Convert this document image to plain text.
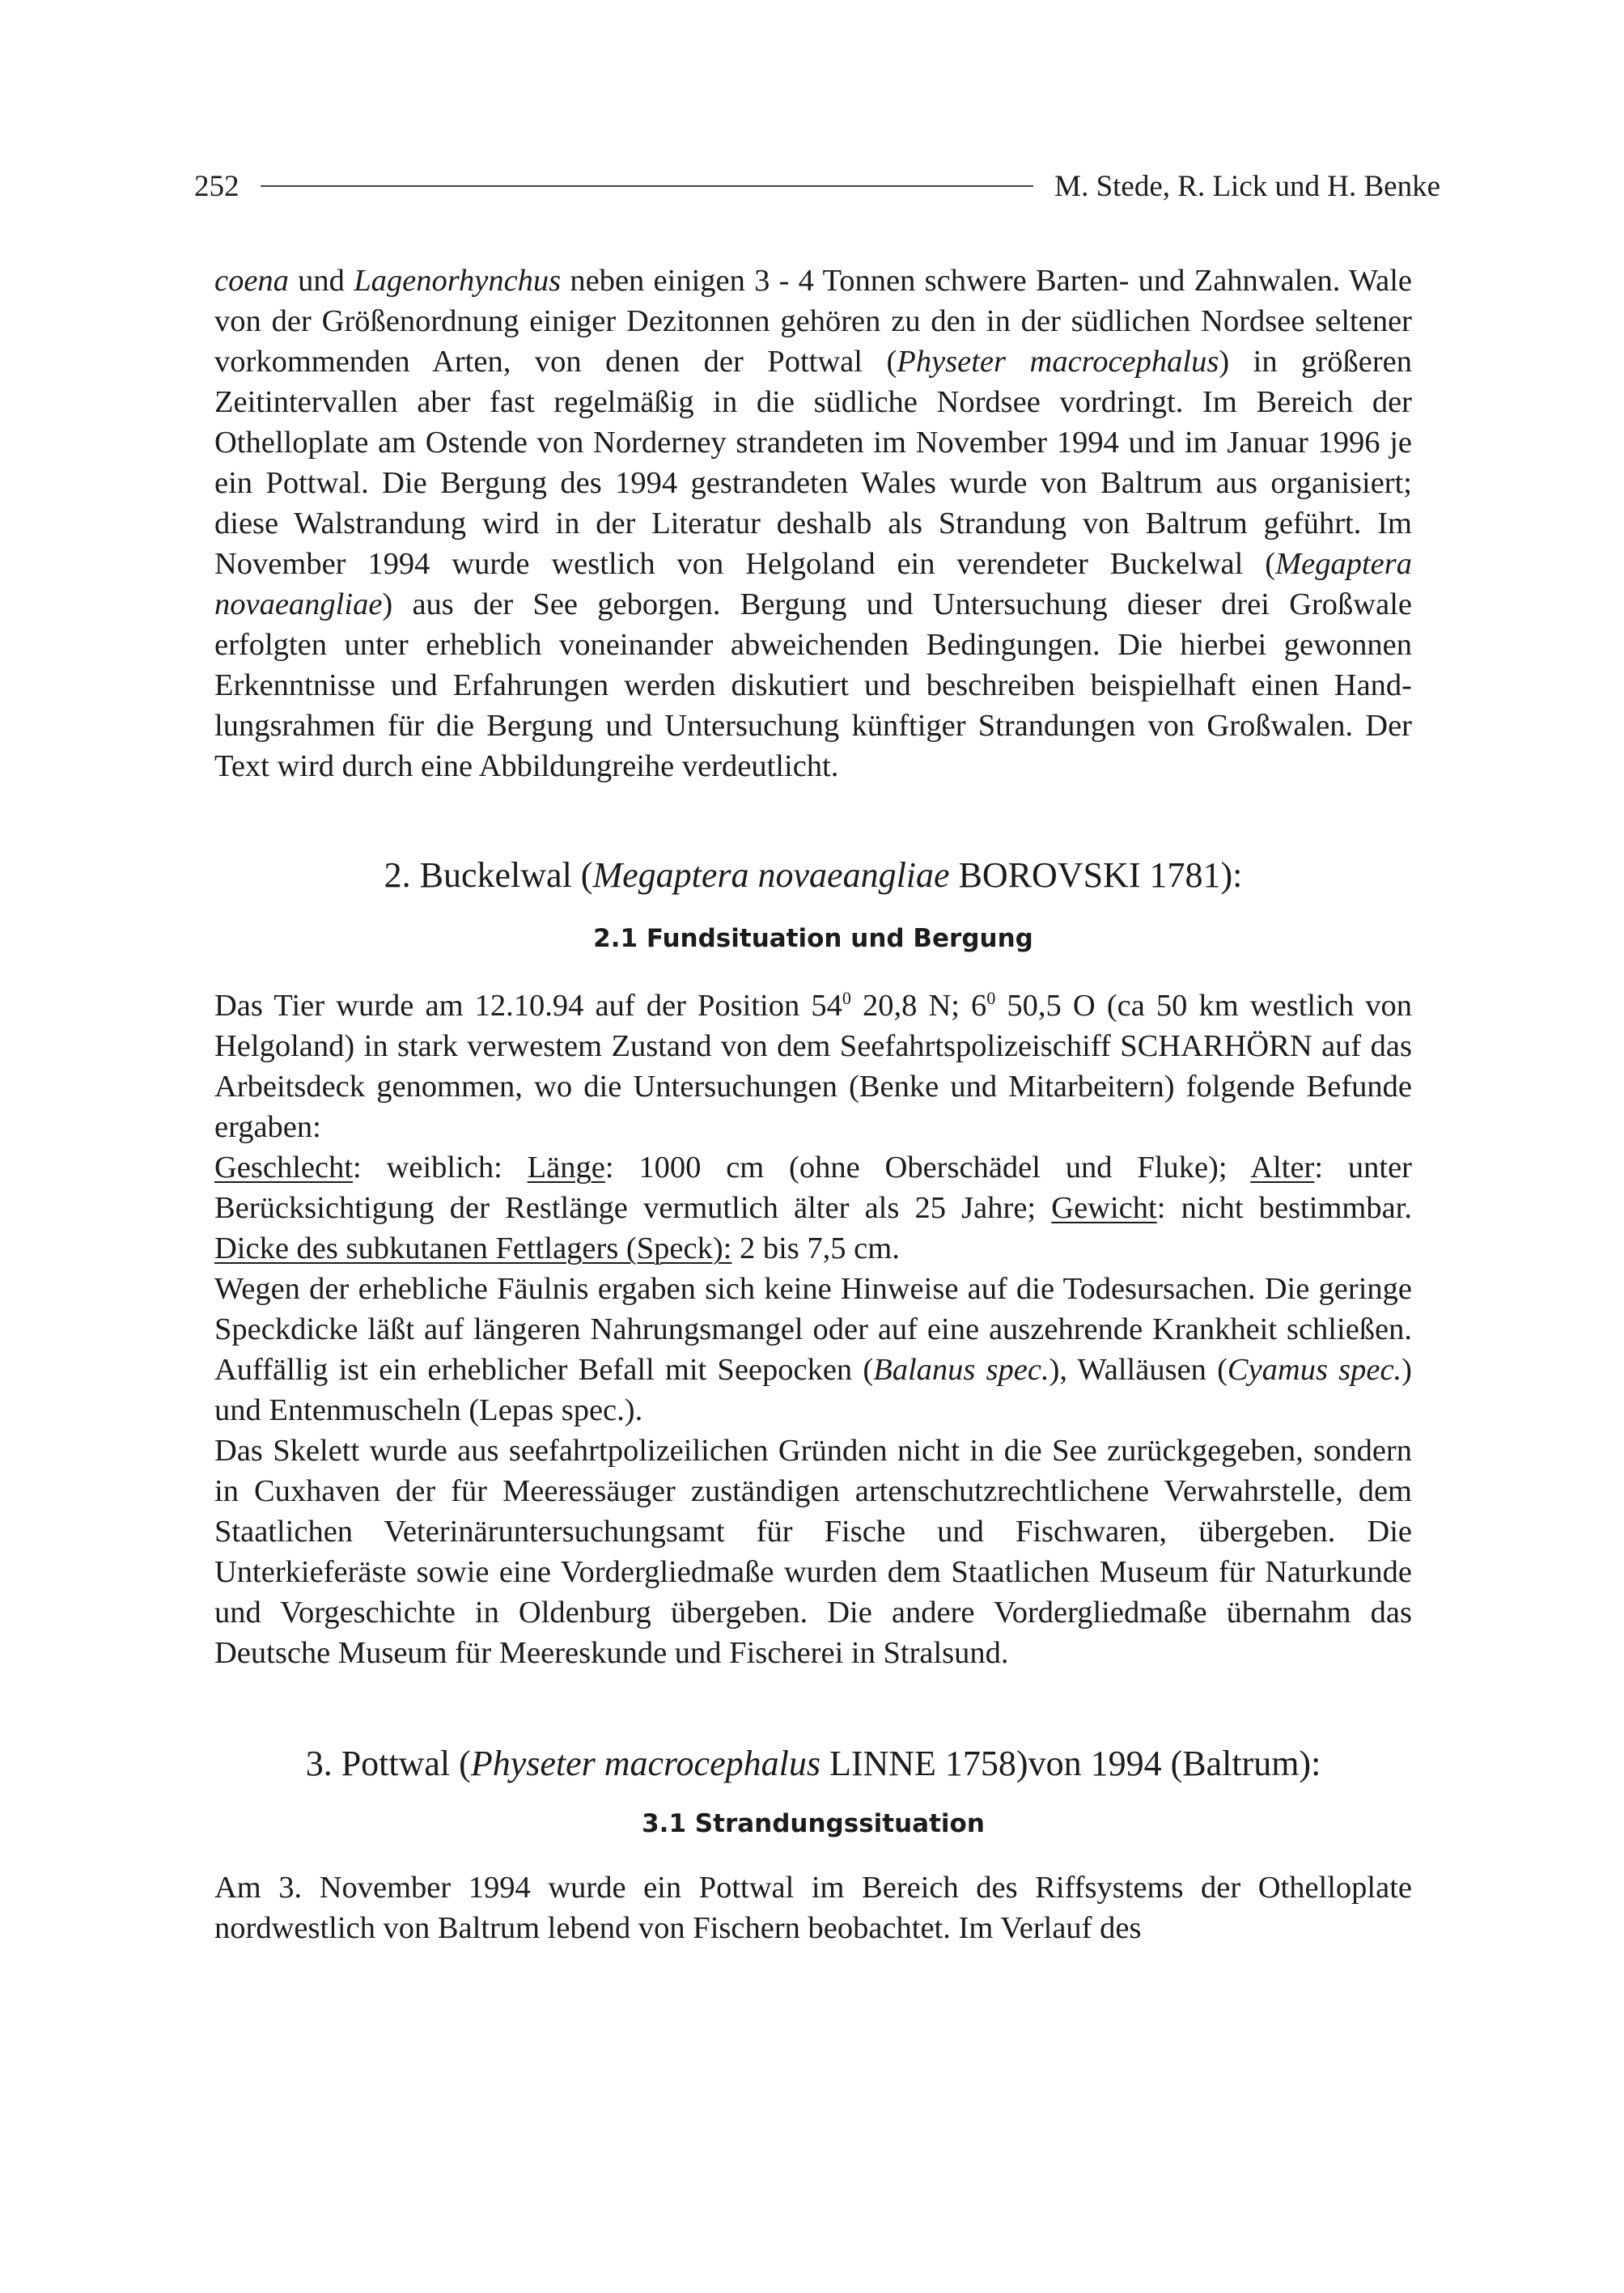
252	M. Stede, R. Lick und H. Benke

coena und Lagenorhynchus neben einigen 3 - 4 Tonnen schwere Barten- und Zahnwalen. Wale von der Größenordnung einiger Dezitonnen gehören zu den in der südlichen Nordsee seltener vorkommenden Arten, von denen der Pottwal (Physeter macrocephalus) in größeren Zeitintervallen aber fast regelmäßig in die südliche Nordsee vordringt. Im Bereich der Othelloplate am Ostende von Norderney strandeten im November 1994 und im Januar 1996 je ein Pottwal. Die Bergung des 1994 gestrandeten Wales wurde von Baltrum aus organisiert; diese Walstrandung wird in der Literatur deshalb als Strandung von Baltrum geführt. Im November 1994 wurde westlich von Helgoland ein verendeter Buckelwal (Megaptera novaeangliae) aus der See geborgen. Bergung und Untersuchung dieser drei Großwale erfolgten unter erheblich voneinander abweichenden Bedingungen. Die hierbei gewonnen Erkenntnisse und Erfahrungen werden diskutiert und beschreiben beispielhaft einen Handlungsrahmen für die Bergung und Untersuchung künftiger Strandungen von Großwalen. Der Text wird durch eine Abbildungreihe verdeutlicht.

2. Buckelwal (Megaptera novaeangliae BOROVSKI 1781):
2.1 Fundsituation und Bergung

Das Tier wurde am 12.10.94 auf der Position $54^0$ 20,8 N; $6^0$ 50,5 O (ca 50 km westlich von Helgoland) in stark verwestem Zustand von dem Seefahrtspolizeischiff SCHARHÖRN auf das Arbeitsdeck genommen, wo die Untersuchungen (Benke und Mitarbeitern) folgende Befunde ergaben:

Geschlecht: weiblich: Länge: 1000 cm (ohne Oberschädel und Fluke); Alter: unter Berücksichtigung der Restlänge vermutlich älter als 25 Jahre; Gewicht: nicht bestimmbar. Dicke des subkutanen Fettlagers (Speck): 2 bis 7,5 cm.

Wegen der erhebliche Fäulnis ergaben sich keine Hinweise auf die Todesursachen. Die geringe Speckdicke läßt auf längeren Nahrungsmangel oder auf eine auszehrende Krankheit schließen. Auffällig ist ein erheblicher Befall mit Seepocken (Balanus spec.), Walläusen (Cyamus spec.) und Entenmuscheln (Lepas spec.).

Das Skelett wurde aus seefahrtpolizeilichen Gründen nicht in die See zurückgegeben, sondern in Cuxhaven der für Meeressäuger zuständigen artenschutzrechtlichene Verwahrstelle, dem Staatlichen Veterinäruntersuchungsamt für Fische und Fischwaren, übergeben. Die Unterkieferäste sowie eine Vordergliedmaße wurden dem Staatlichen Museum für Naturkunde und Vorgeschichte in Oldenburg übergeben. Die andere Vordergliedmaße übernahm das Deutsche Museum für Meereskunde und Fischerei in Stralsund.

3. Pottwal (Physeter macrocephalus LINNE 1758)von 1994 (Baltrum):
3.1 Strandungssituation

Am 3. November 1994 wurde ein Pottwal im Bereich des Riffsystems der Othelloplate nordwestlich von Baltrum lebend von Fischern beobachtet. Im Verlauf des
